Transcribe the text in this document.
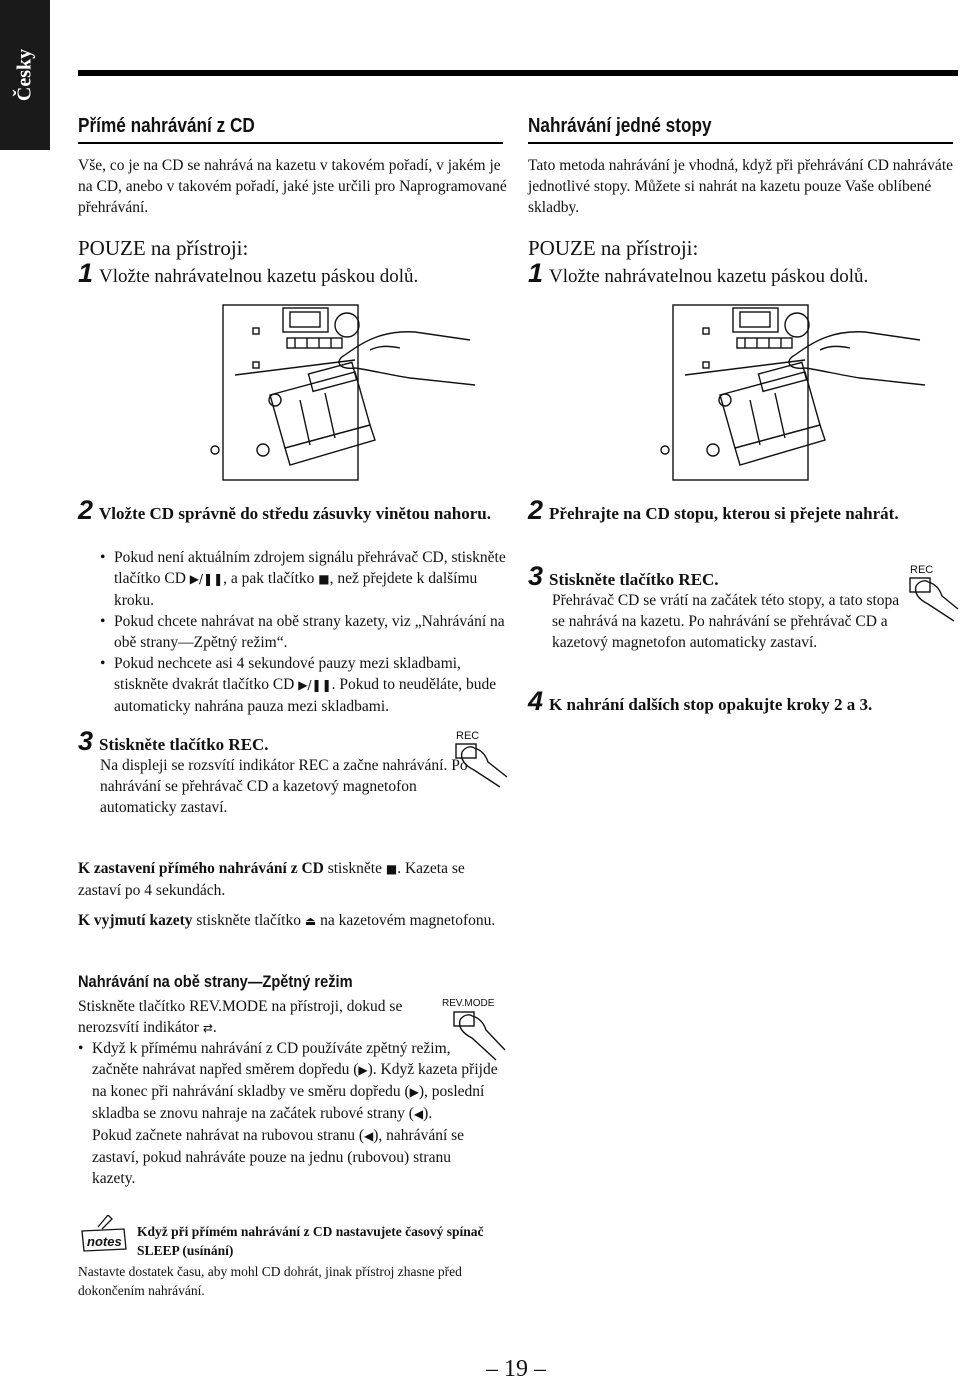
Česky
Přímé nahrávání z CD
Vše, co je na CD se nahrává na kazetu v takovém pořadí, v jakém je na CD, anebo v takovém pořadí, jaké jste určili pro Naprogramované přehrávání.
POUZE na přístroji:
1 Vložte nahrávatelnou kazetu páskou dolů.
2 Vložte CD správně do středu zásuvky vinětou nahoru.
• Pokud není aktuálním zdrojem signálu přehrávač CD, stiskněte tlačítko CD ▶/❚❚, a pak tlačítko ■, než přejdete k dalšímu kroku.
• Pokud chcete nahrávat na obě strany kazety, viz „Nahrávání na obě strany—Zpětný režim“.
• Pokud nechcete asi 4 sekundové pauzy mezi skladbami, stiskněte dvakrát tlačítko CD ▶/❚❚. Pokud to neuděláte, bude automaticky nahrána pauza mezi skladbami.
3 Stiskněte tlačítko REC.
Na displeji se rozsvítí indikátor REC a začne nahrávání. Po nahrávání se přehrávač CD a kazetový magnetofon automaticky zastaví.
REC
K zastavení přímého nahrávání z CD stiskněte ■. Kazeta se zastaví po 4 sekundách.
K vyjmutí kazety stiskněte tlačítko ⏏ na kazetovém magnetofonu.
Nahrávání na obě strany—Zpětný režim
Stiskněte tlačítko REV.MODE na přístroji, dokud se nerozsvítí indikátor ⇄.
REV.MODE
• Když k přímému nahrávání z CD používáte zpětný režim, začněte nahrávat napřed směrem dopředu (▶). Když kazeta přijde na konec při nahrávání skladby ve směru dopředu (▶), poslední skladba se znovu nahraje na začátek rubové strany (◀).
Pokud začnete nahrávat na rubovou stranu (◀), nahrávání se zastaví, pokud nahráváte pouze na jednu (rubovou) stranu kazety.
notes
Když při přímém nahrávání z CD nastavujete časový spínač SLEEP (usínání)
Nastavte dostatek času, aby mohl CD dohrát, jinak přístroj zhasne před dokončením nahrávání.
Nahrávání jedné stopy
Tato metoda nahrávání je vhodná, když při přehrávání CD nahráváte jednotlivé stopy. Můžete si nahrát na kazetu pouze Vaše oblíbené skladby.
POUZE na přístroji:
1 Vložte nahrávatelnou kazetu páskou dolů.
2 Přehrajte na CD stopu, kterou si přejete nahrát.
3 Stiskněte tlačítko REC.
Přehrávač CD se vrátí na začátek této stopy, a tato stopa se nahrává na kazetu. Po nahrávání se přehrávač CD a kazetový magnetofon automaticky zastaví.
REC
4 K nahrání dalších stop opakujte kroky 2 a 3.
– 19 –
